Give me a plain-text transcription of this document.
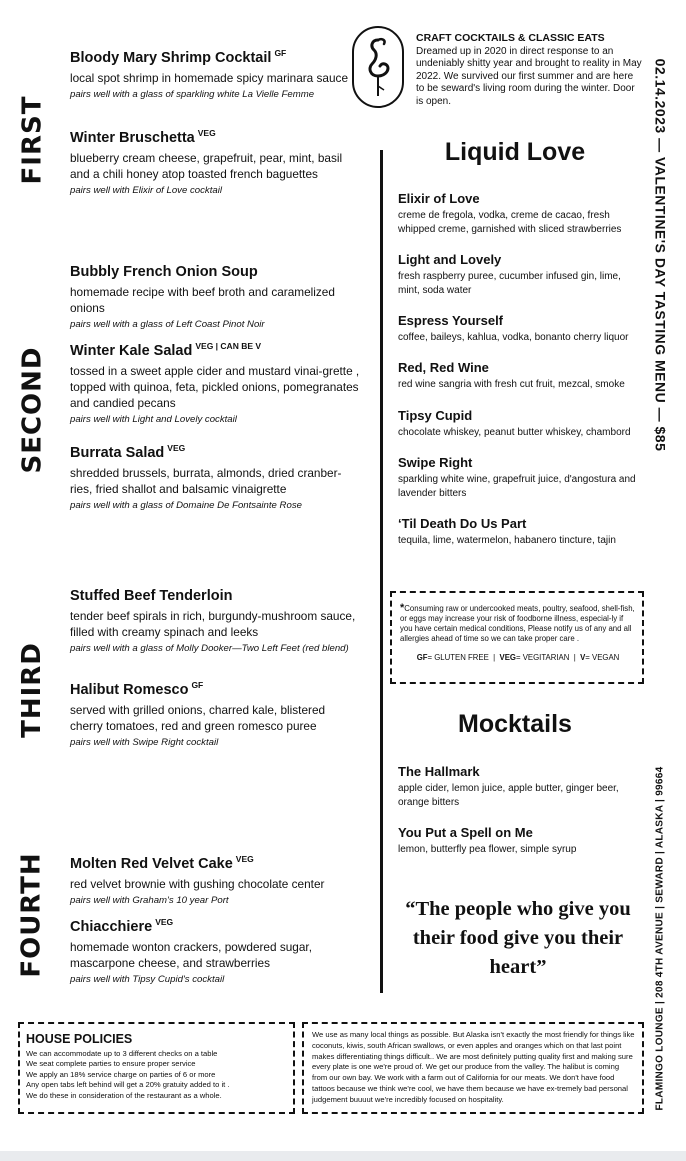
FIRST
SECOND
THIRD
FOURTH
Bloody Mary Shrimp Cocktail $^{GF}$
local spot shrimp in homemade spicy marinara sauce
pairs well with a glass of sparkling white La Vielle Femme
Winter Bruschetta $^{VEG}$
blueberry cream cheese, grapefruit, pear, mint, basil and a chili honey atop toasted french baguettes
pairs well with Elixir of Love cocktail
Bubbly French Onion Soup
homemade recipe with beef broth and caramelized onions
pairs well with a glass of Left Coast Pinot Noir
Winter Kale Salad $^{VEG | CAN BE V}$
tossed in a sweet apple cider and mustard vinai-grette , topped with quinoa, feta, pickled onions, pomegranates and candied pecans
pairs well with Light and Lovely cocktail
Burrata Salad $^{VEG}$
shredded brussels, burrata, almonds, dried cranber-ries, fried shallot and balsamic vinaigrette
pairs well with a glass of Domaine De Fontsainte Rose
Stuffed Beef Tenderloin
tender beef spirals in rich, burgundy-mushroom sauce, filled with creamy spinach and leeks
pairs well with a glass of Molly Dooker—Two Left Feet (red blend)
Halibut Romesco $^{GF}$
served with grilled onions, charred kale, blistered cherry tomatoes, red and green romesco puree
pairs well with Swipe Right cocktail
Molten Red Velvet Cake $^{VEG}$
red velvet brownie with gushing chocolate center
pairs well with Graham's 10 year Port
Chiacchiere $^{VEG}$
homemade wonton crackers, powdered sugar, mascarpone cheese, and strawberries
pairs well with Tipsy Cupid's cocktail
CRAFT COCKTAILS & CLASSIC EATS
Dreamed up in 2020 in direct response to an undeniably shitty year and brought to reality in May 2022. We survived our first summer and are here to be seward's living room during the winter. Door is open.	02.14.2023 — VALENTINE'S DAY TASTING MENU — $85
FLAMINGO LOUNGE | 208 4TH AVENUE | SEWARD | ALASKA | 99664
Liquid Love
Elixir of Love
creme de fregola, vodka, creme de cacao, fresh whipped creme, garnished with sliced strawberries
Light and Lovely
fresh raspberry puree, cucumber infused gin, lime, mint, soda water
Espress Yourself
coffee, baileys, kahlua, vodka, bonanto cherry liquor
Red, Red Wine
red wine sangria with fresh cut fruit, mezcal, smoke
Tipsy Cupid
chocolate whiskey, peanut butter whiskey, chambord
Swipe Right
sparkling white wine, grapefruit juice, d'angostura and lavender bitters
‘Til Death Do Us Part
tequila, lime, watermelon, habanero tincture, tajin
*Consuming raw or undercooked meats, poultry, seafood, shell-fish, or eggs may increase your risk of foodborne illness, especial-ly if you have certain medical conditions, Please notify us of any and all allergies ahead of time so we can take proper care .
GF= GLUTEN FREE  |  VEG= VEGITARIAN  |  V= VEGAN
Mocktails
The Hallmark
apple cider, lemon juice, apple butter, ginger beer, orange bitters
You Put a Spell on Me
lemon, butterfly pea flower, simple syrup
“The people who give you their food give you their heart”
HOUSE POLICIES
We can accommodate up to 3 different checks on a table
We seat complete parties to ensure proper service
We apply an 18% service charge on parties of 6 or more
Any open tabs left behind will get a 20% gratuity added to it .
We do these in consideration of the restaurant as a whole.
We use as many local things as possible. But Alaska isn't exactly the most friendly for things like coconuts, kiwis, south African swallows, or even apples and oranges which on that last point makes differentiating things difficult.. We are most definitely putting quality first and making sure every plate is one we're proud of. We get our produce from the valley. The halibut is coming from our own bay. We work with a farm out of California for our meats. We don't have food tattoos because we think we're cool, we have them because we have ex-tremely bad personal judgement buuuut we're incredibly focused on hospitality.
